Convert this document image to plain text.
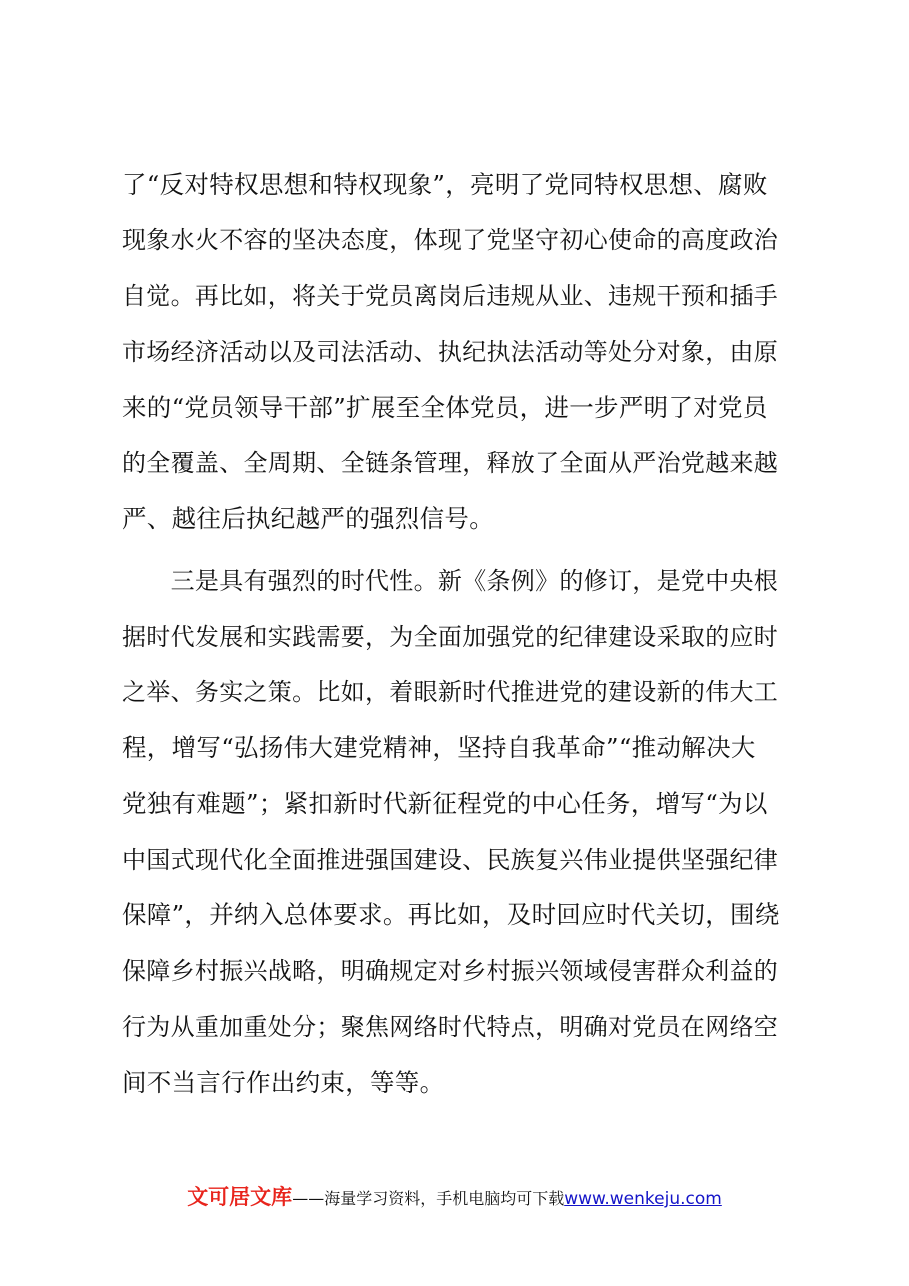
了“反对特权思想和特权现象”，亮明了党同特权思想、腐败
现象水火不容的坚决态度，体现了党坚守初心使命的高度政治
自觉。再比如，将关于党员离岗后违规从业、违规干预和插手
市场经济活动以及司法活动、执纪执法活动等处分对象，由原
来的“党员领导干部”扩展至全体党员，进一步严明了对党员
的全覆盖、全周期、全链条管理，释放了全面从严治党越来越
严、越往后执纪越严的强烈信号。
　　三是具有强烈的时代性。新《条例》的修订，是党中央根
据时代发展和实践需要，为全面加强党的纪律建设采取的应时
之举、务实之策。比如，着眼新时代推进党的建设新的伟大工
程，增写“弘扬伟大建党精神，坚持自我革命”“推动解决大
党独有难题”；紧扣新时代新征程党的中心任务，增写“为以
中国式现代化全面推进强国建设、民族复兴伟业提供坚强纪律
保障”，并纳入总体要求。再比如，及时回应时代关切，围绕
保障乡村振兴战略，明确规定对乡村振兴领域侵害群众利益的
行为从重加重处分；聚焦网络时代特点，明确对党员在网络空
间不当言行作出约束，等等。
文可居文库——海量学习资料，手机电脑均可下载www.wenkeju.com
